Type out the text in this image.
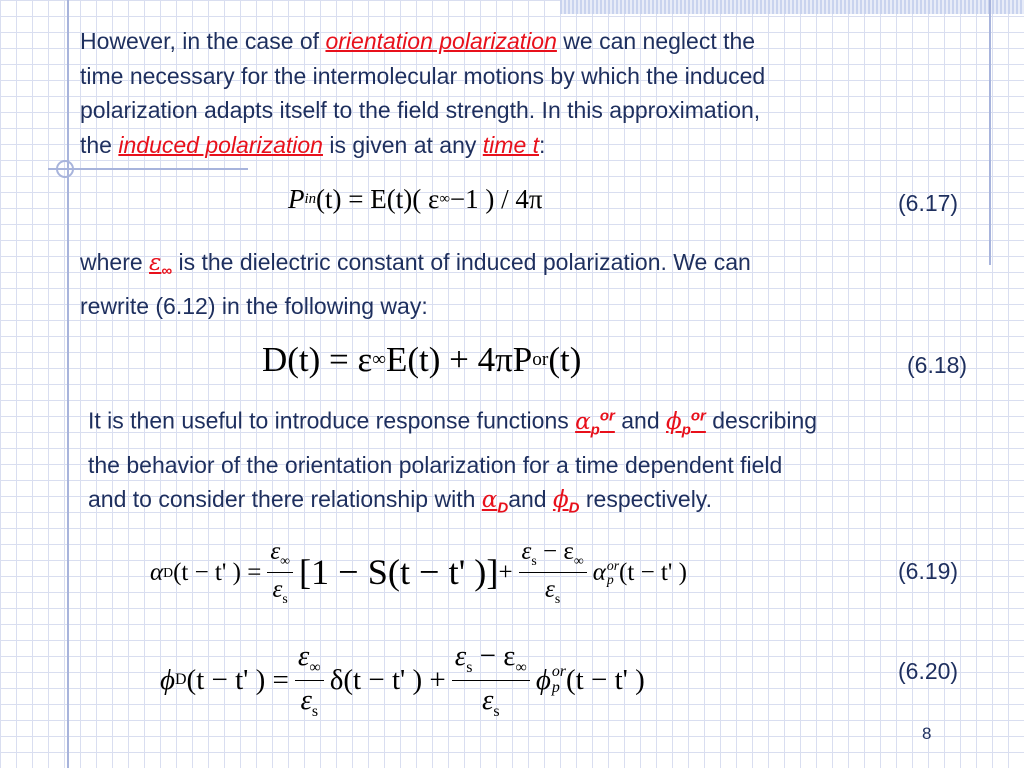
However, in the case of orientation polarization we can neglect the
time necessary for the intermolecular motions by which the induced
polarization adapts itself to the field strength. In this approximation,
the induced polarization is given at any time t:

P in (t) = E(t)( ε ∞ −1 ) / 4π	(6.17)

where $\varepsilon_\infty$ is the dielectric constant of induced polarization. We can
rewrite (6.12) in the following way:

D(t) = ε ∞ E(t) + 4πP or (t)	(6.18)

It is then useful to introduce response functions $\alpha_p^{or}$ and $\phi_p^{or}$ describing
the behavior of the orientation polarization for a time dependent field
and to consider there relationship with $\alpha_Dand$ $\phi_D$ respectively.

α D (t − t' ) = $\frac{\varepsilon_\infty}{\varepsilon_s} [1 - S(t - t'$ )] + $\frac{\varepsilon_s - \varepsilon_\infty}{\varepsilon_s}$ α or
p (t − t' )	(6.19)
ϕ D (t − t' ) = $\frac{\varepsilon_\infty}{\varepsilon_s} \delta(t - t'$ ) + $\frac{\varepsilon_s - \varepsilon_\infty}{\varepsilon_s}$ ϕ or
p (t − t' )	(6.20)
8
